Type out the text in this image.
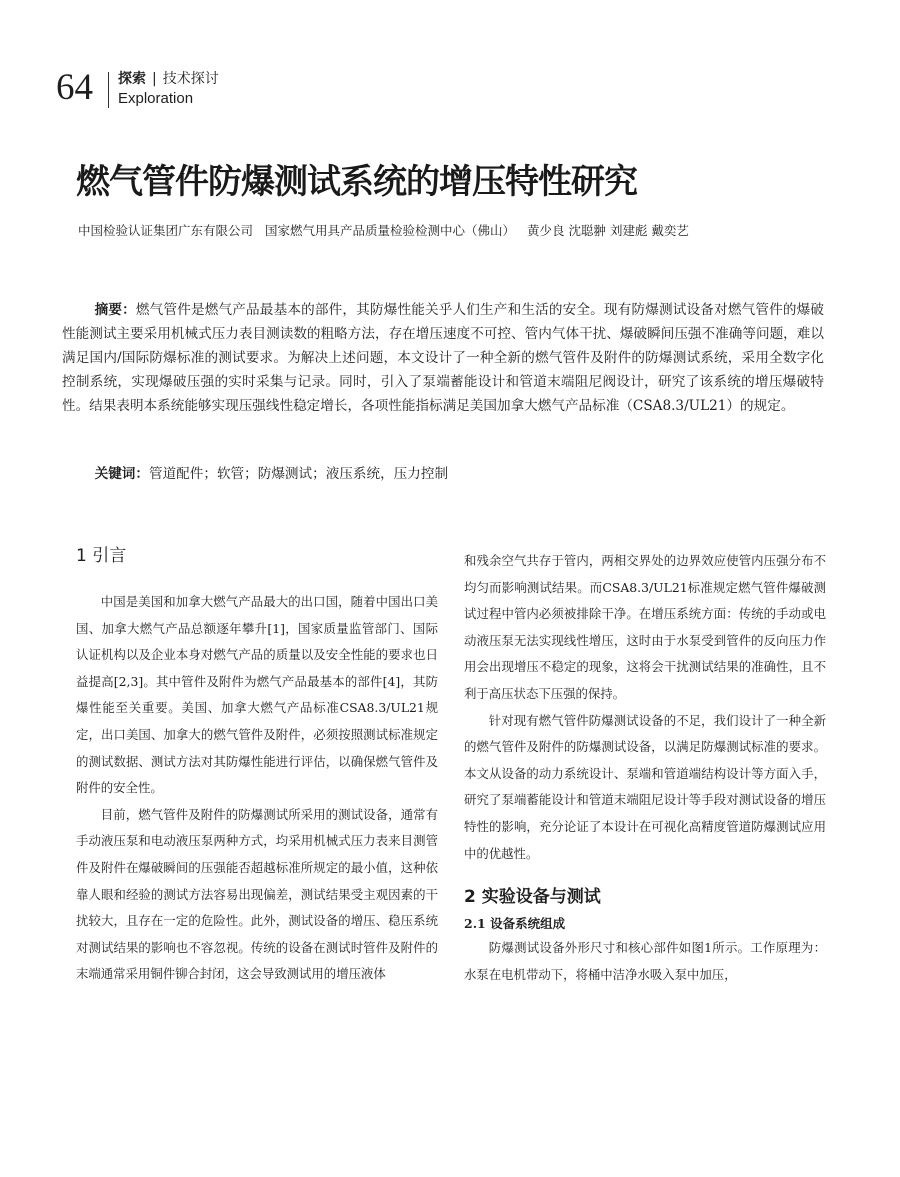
64 探索 | 技术探讨
Exploration
燃气管件防爆测试系统的增压特性研究
中国检验认证集团广东有限公司 国家燃气用具产品质量检验检测中心（佛山） 黄少良 沈聪翀 刘建彪 戴奕艺

摘要：燃气管件是燃气产品最基本的部件，其防爆性能关乎人们生产和生活的安全。现有防爆测试设备对燃气管件的爆破性能测试主要采用机械式压力表目测读数的粗略方法，存在增压速度不可控、管内气体干扰、爆破瞬间压强不准确等问题，难以满足国内/国际防爆标准的测试要求。为解决上述问题，本文设计了一种全新的燃气管件及附件的防爆测试系统，采用全数字化控制系统，实现爆破压强的实时采集与记录。同时，引入了泵端蓄能设计和管道末端阻尼阀设计，研究了该系统的增压爆破特性。结果表明本系统能够实现压强线性稳定增长，各项性能指标满足美国加拿大燃气产品标准（CSA8.3/UL21）的规定。

关键词：管道配件；软管；防爆测试；液压系统，压力控制

1 引言

中国是美国和加拿大燃气产品最大的出口国，随着中国出口美国、加拿大燃气产品总额逐年攀升[1]，国家质量监管部门、国际认证机构以及企业本身对燃气产品的质量以及安全性能的要求也日益提高[2,3]。其中管件及附件为燃气产品最基本的部件[4]，其防爆性能至关重要。美国、加拿大燃气产品标准CSA8.3/UL21规定，出口美国、加拿大的燃气管件及附件，必须按照测试标准规定的测试数据、测试方法对其防爆性能进行评估，以确保燃气管件及附件的安全性。

目前，燃气管件及附件的防爆测试所采用的测试设备，通常有手动液压泵和电动液压泵两种方式，均采用机械式压力表来目测管件及附件在爆破瞬间的压强能否超越标准所规定的最小值，这种依靠人眼和经验的测试方法容易出现偏差，测试结果受主观因素的干扰较大，且存在一定的危险性。此外，测试设备的增压、稳压系统对测试结果的影响也不容忽视。传统的设备在测试时管件及附件的末端通常采用铜件铆合封闭，这会导致测试用的增压液体

和残余空气共存于管内，两相交界处的边界效应使管内压强分布不均匀而影响测试结果。而CSA8.3/UL21标准规定燃气管件爆破测试过程中管内必须被排除干净。在增压系统方面：传统的手动或电动液压泵无法实现线性增压，这时由于水泵受到管件的反向压力作用会出现增压不稳定的现象，这将会干扰测试结果的准确性，且不利于高压状态下压强的保持。

针对现有燃气管件防爆测试设备的不足，我们设计了一种全新的燃气管件及附件的防爆测试设备，以满足防爆测试标准的要求。本文从设备的动力系统设计、泵端和管道端结构设计等方面入手，研究了泵端蓄能设计和管道末端阻尼设计等手段对测试设备的增压特性的影响，充分论证了本设计在可视化高精度管道防爆测试应用中的优越性。

2 实验设备与测试
2.1 设备系统组成

防爆测试设备外形尺寸和核心部件如图1所示。工作原理为：水泵在电机带动下，将桶中洁净水吸入泵中加压，
